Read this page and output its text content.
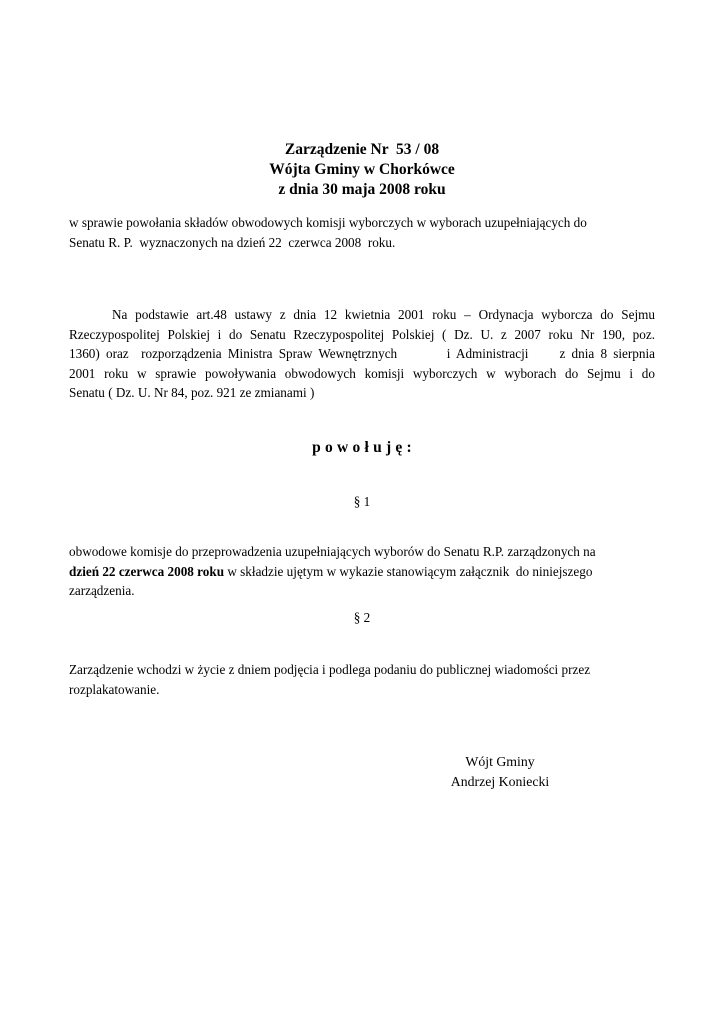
Zarządzenie Nr  53 / 08
Wójta Gminy w Chorkówce
z dnia 30 maja 2008 roku
w sprawie powołania składów obwodowych komisji wyborczych w wyborach uzupełniających do
Senatu R. P.  wyznaczonych na dzień 22  czerwca 2008  roku.
Na podstawie art.48 ustawy z dnia 12 kwietnia 2001 roku – Ordynacja wyborcza do Sejmu
Rzeczypospolitej Polskiej i do Senatu Rzeczypospolitej Polskiej ( Dz. U. z 2007 roku Nr 190, poz.
1360) oraz  rozporządzenia Ministra Spraw Wewnętrznych        i Administracji     z dnia 8 sierpnia
2001 roku w sprawie powoływania obwodowych komisji wyborczych w wyborach do Sejmu i do
Senatu ( Dz. U. Nr 84, poz. 921 ze zmianami )
p o w o ł u j ę :
§ 1
obwodowe komisje do przeprowadzenia uzupełniających wyborów do Senatu R.P. zarządzonych na
dzień 22 czerwca 2008 roku w składzie ujętym w wykazie stanowiącym załącznik  do niniejszego
zarządzenia.
§ 2
Zarządzenie wchodzi w życie z dniem podjęcia i podlega podaniu do publicznej wiadomości przez
rozplakatowanie.
Wójt Gminy
Andrzej Koniecki
